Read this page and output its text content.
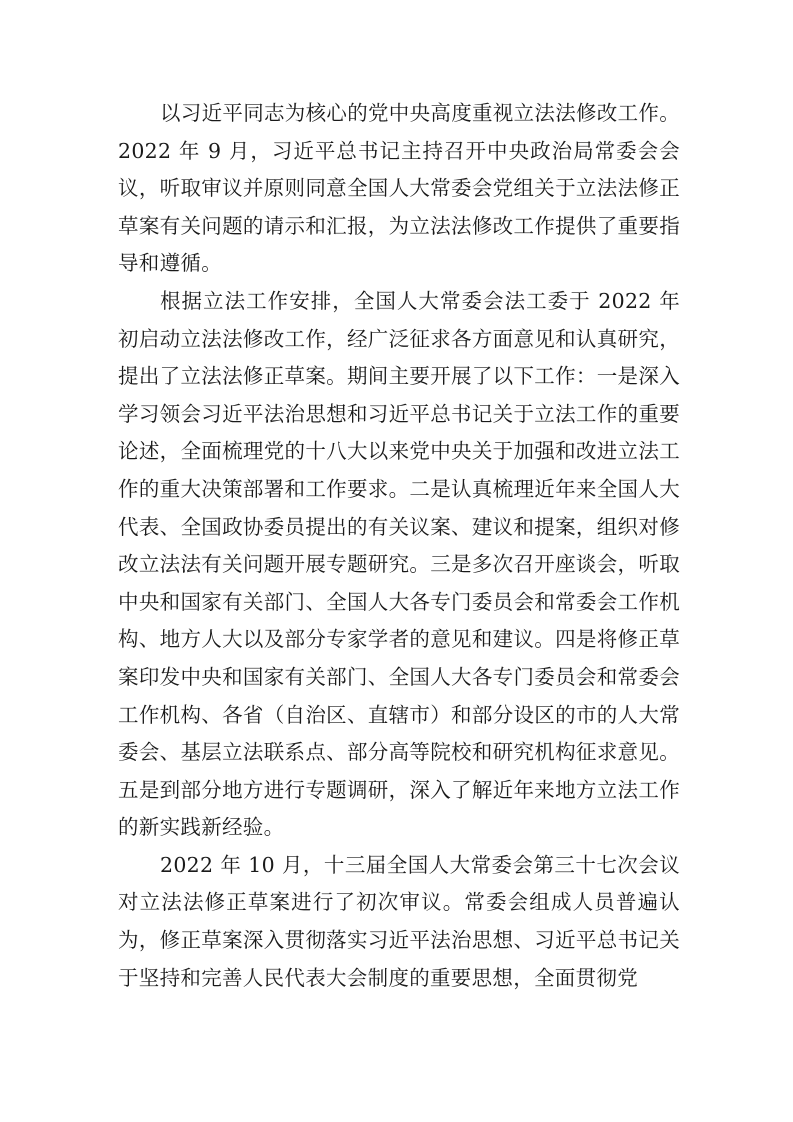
以习近平同志为核心的党中央高度重视立法法修改工作。2022 年 9 月，习近平总书记主持召开中央政治局常委会会议，听取审议并原则同意全国人大常委会党组关于立法法修正草案有关问题的请示和汇报，为立法法修改工作提供了重要指导和遵循。

根据立法工作安排，全国人大常委会法工委于 2022 年初启动立法法修改工作，经广泛征求各方面意见和认真研究，提出了立法法修正草案。期间主要开展了以下工作：一是深入学习领会习近平法治思想和习近平总书记关于立法工作的重要论述，全面梳理党的十八大以来党中央关于加强和改进立法工作的重大决策部署和工作要求。二是认真梳理近年来全国人大代表、全国政协委员提出的有关议案、建议和提案，组织对修改立法法有关问题开展专题研究。三是多次召开座谈会，听取中央和国家有关部门、全国人大各专门委员会和常委会工作机构、地方人大以及部分专家学者的意见和建议。四是将修正草案印发中央和国家有关部门、全国人大各专门委员会和常委会工作机构、各省（自治区、直辖市）和部分设区的市的人大常委会、基层立法联系点、部分高等院校和研究机构征求意见。五是到部分地方进行专题调研，深入了解近年来地方立法工作的新实践新经验。

2022 年 10 月，十三届全国人大常委会第三十七次会议对立法法修正草案进行了初次审议。常委会组成人员普遍认为，修正草案深入贯彻落实习近平法治思想、习近平总书记关于坚持和完善人民代表大会制度的重要思想，全面贯彻党
